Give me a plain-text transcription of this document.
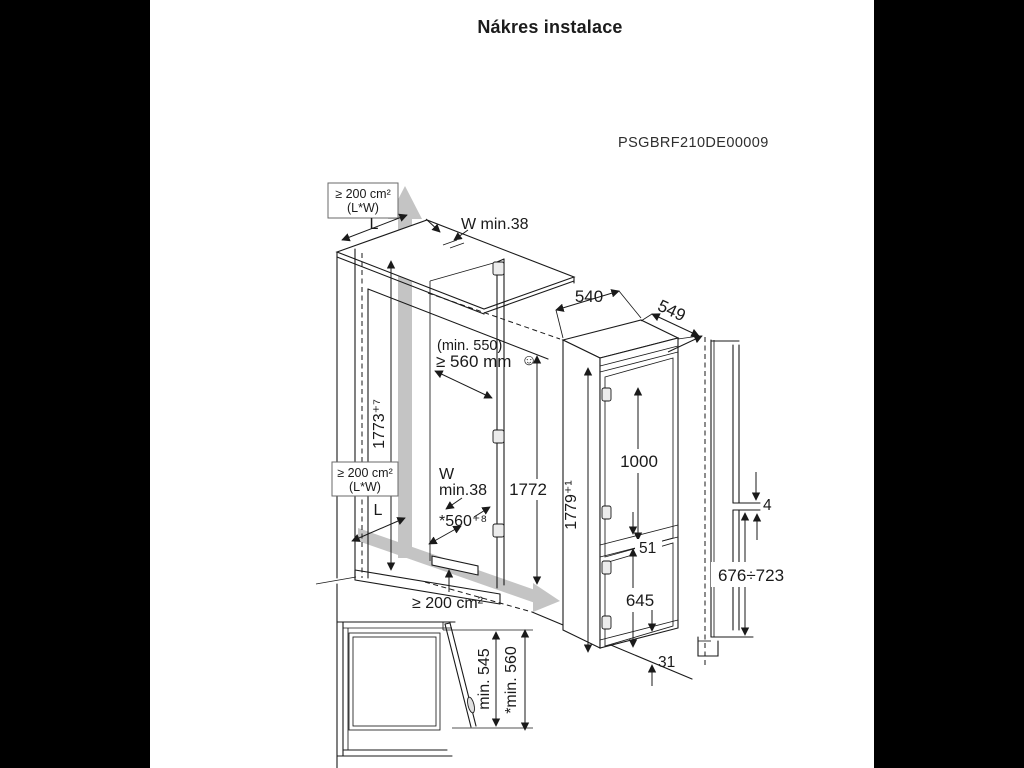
Nákres instalace
PSGBRF210DE00009
≥ 200 cm²
(L*W)
L	W min.38
(min. 550)
≥ 560 mm ☺
1773⁺⁷
≥ 200 cm²
(L*W)
L
W
min.38
*560⁺⁸
1772
≥ 200 cm²
540	549
1000
51
645
1779⁺¹
31
4
676÷723
min. 545 *min. 560
